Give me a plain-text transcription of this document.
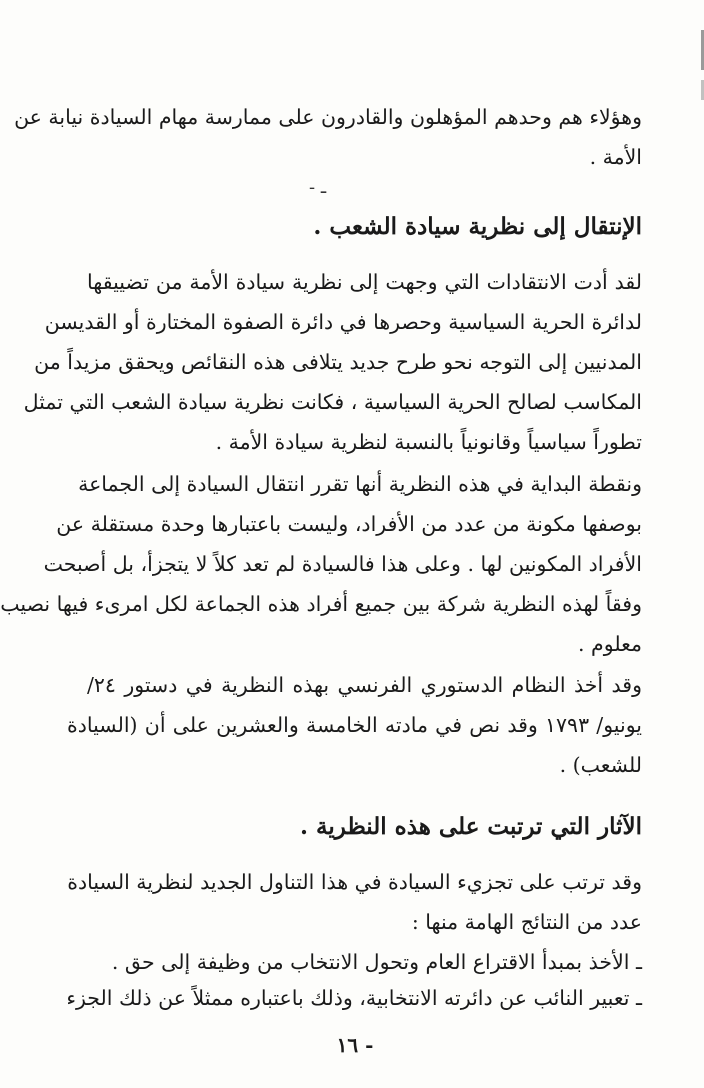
وهؤلاء هم وحدهم المؤهلون والقادرون على ممارسة مهام السيادة نيابة عن
الأمة .
- ـ
الإنتقال إلى نظرية سيادة الشعب .
لقد أدت الانتقادات التي وجهت إلى نظرية سيادة الأمة من تضييقها
لدائرة الحرية السياسية وحصرها في دائرة الصفوة المختارة أو القديسن
المدنيين إلى التوجه نحو طرح جديد يتلافى هذه النقائص ويحقق مزيداً من
المكاسب لصالح الحرية السياسية ، فكانت نظرية سيادة الشعب التي تمثل
تطوراً سياسياً وقانونياً بالنسبة لنظرية سيادة الأمة .
ونقطة البداية في هذه النظرية أنها تقرر انتقال السيادة إلى الجماعة
بوصفها مكونة من عدد من الأفراد، وليست باعتبارها وحدة مستقلة عن
الأفراد المكونين لها . وعلى هذا فالسيادة لم تعد كلاً لا يتجزأ، بل أصبحت
وفقاً لهذه النظرية شركة بين جميع أفراد هذه الجماعة لكل امرىء فيها نصيب
معلوم .
وقد أخذ النظام الدستوري الفرنسي بهذه النظرية في دستور ٢٤/
يونيو/ ١٧٩٣ وقد نص في مادته الخامسة والعشرين على أن (السيادة
للشعب) .
الآثار التي ترتبت على هذه النظرية .
وقد ترتب على تجزيء السيادة في هذا التناول الجديد لنظرية السيادة
عدد من النتائج الهامة منها :
ـ الأخذ بمبدأ الاقتراع العام وتحول الانتخاب من وظيفة إلى حق .
ـ تعبير النائب عن دائرته الانتخابية، وذلك باعتباره ممثلاً عن ذلك الجزء
- ١٦
